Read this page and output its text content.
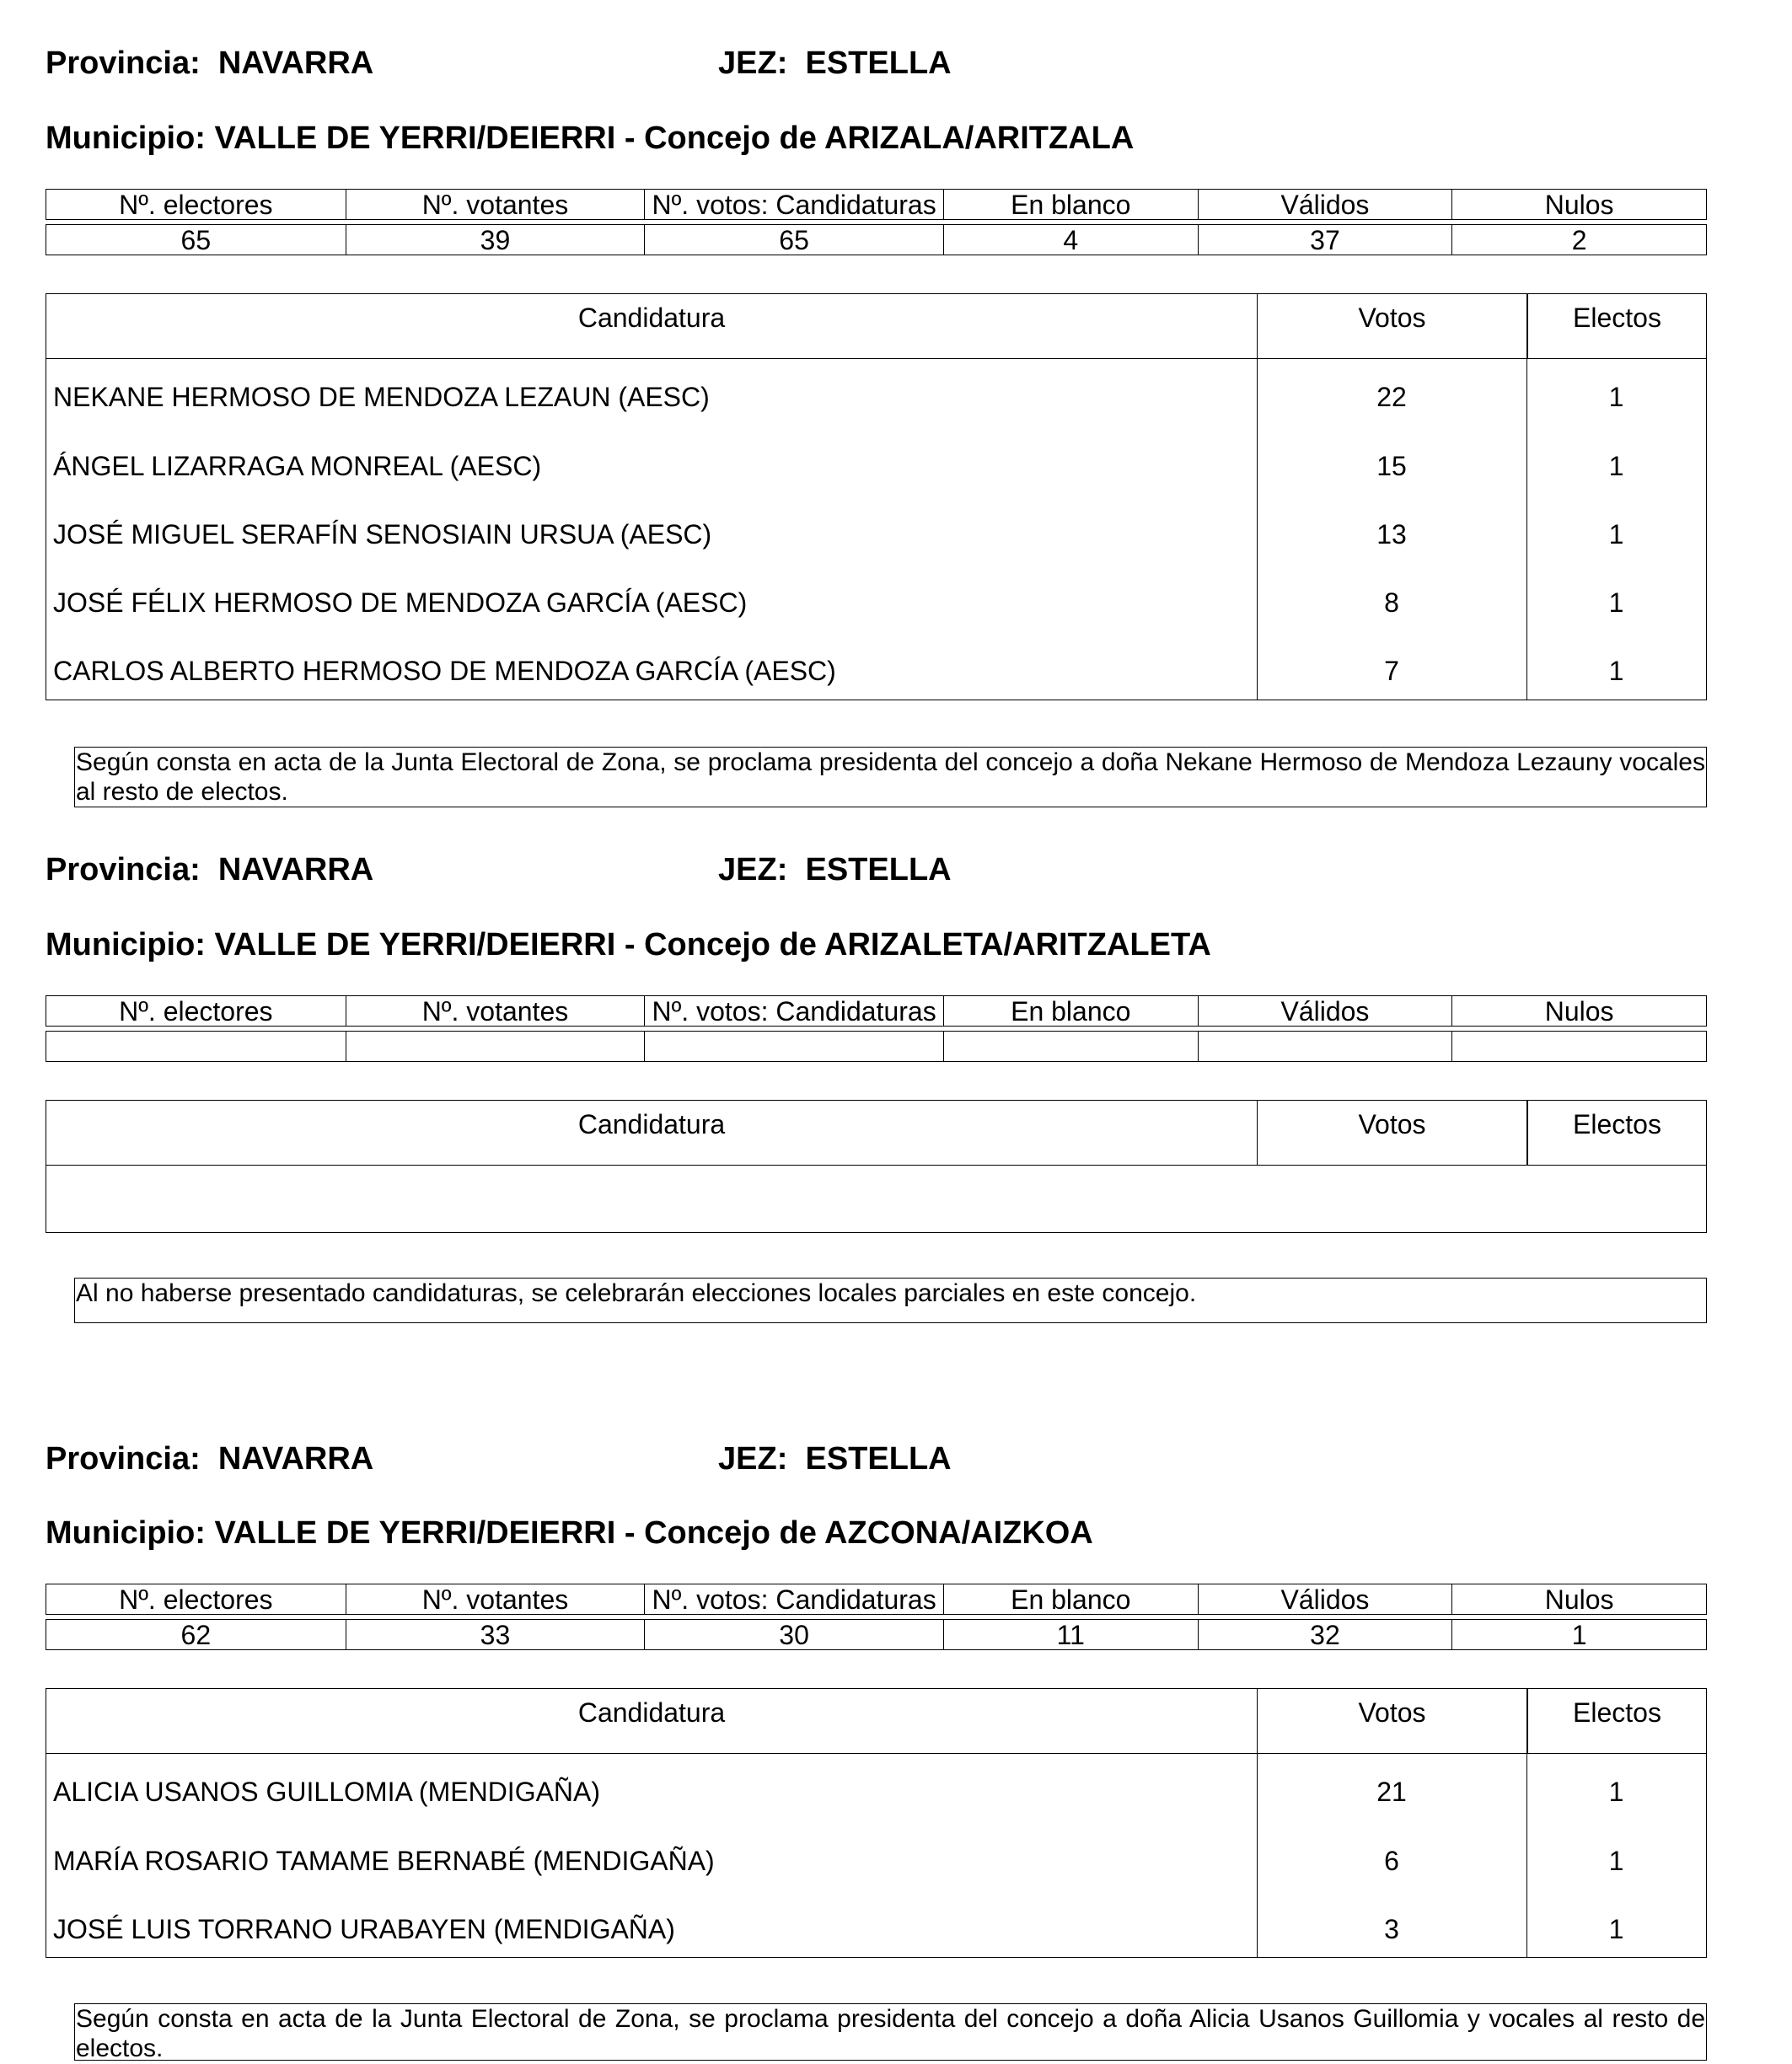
Provincia: NAVARRA	JEZ: ESTELLA
Municipio: VALLE DE YERRI/DEIERRI - Concejo de ARIZALA/ARITZALA
Nº. electores	Nº. votantes	Nº. votos: Candidaturas	En blanco	Válidos	Nulos
65	39	65	4	37	2
Candidatura	Votos	Electos
NEKANE HERMOSO DE MENDOZA LEZAUN (AESC)	22	1
ÁNGEL LIZARRAGA MONREAL (AESC)	15	1
JOSÉ MIGUEL SERAFÍN SENOSIAIN URSUA (AESC)	13	1
JOSÉ FÉLIX HERMOSO DE MENDOZA GARCÍA (AESC)	8	1
CARLOS ALBERTO HERMOSO DE MENDOZA GARCÍA (AESC)	7	1
Según consta en acta de la Junta Electoral de Zona, se proclama presidenta del concejo a doña Nekane Hermoso de Mendoza Lezauny vocales al resto de electos.
Provincia: NAVARRA	JEZ: ESTELLA
Municipio: VALLE DE YERRI/DEIERRI - Concejo de ARIZALETA/ARITZALETA
Nº. electores	Nº. votantes	Nº. votos: Candidaturas	En blanco	Válidos	Nulos
Candidatura	Votos	Electos
Al no haberse presentado candidaturas, se celebrarán elecciones locales parciales en este concejo.
Provincia: NAVARRA	JEZ: ESTELLA
Municipio: VALLE DE YERRI/DEIERRI - Concejo de AZCONA/AIZKOA
Nº. electores	Nº. votantes	Nº. votos: Candidaturas	En blanco	Válidos	Nulos
62	33	30	11	32	1
Candidatura	Votos	Electos
ALICIA USANOS GUILLOMIA (MENDIGAÑA)	21	1
MARÍA ROSARIO TAMAME BERNABÉ (MENDIGAÑA)	6	1
JOSÉ LUIS TORRANO URABAYEN (MENDIGAÑA)	3	1
Según consta en acta de la Junta Electoral de Zona, se proclama presidenta del concejo a doña Alicia Usanos Guillomia y vocales al resto de electos.
